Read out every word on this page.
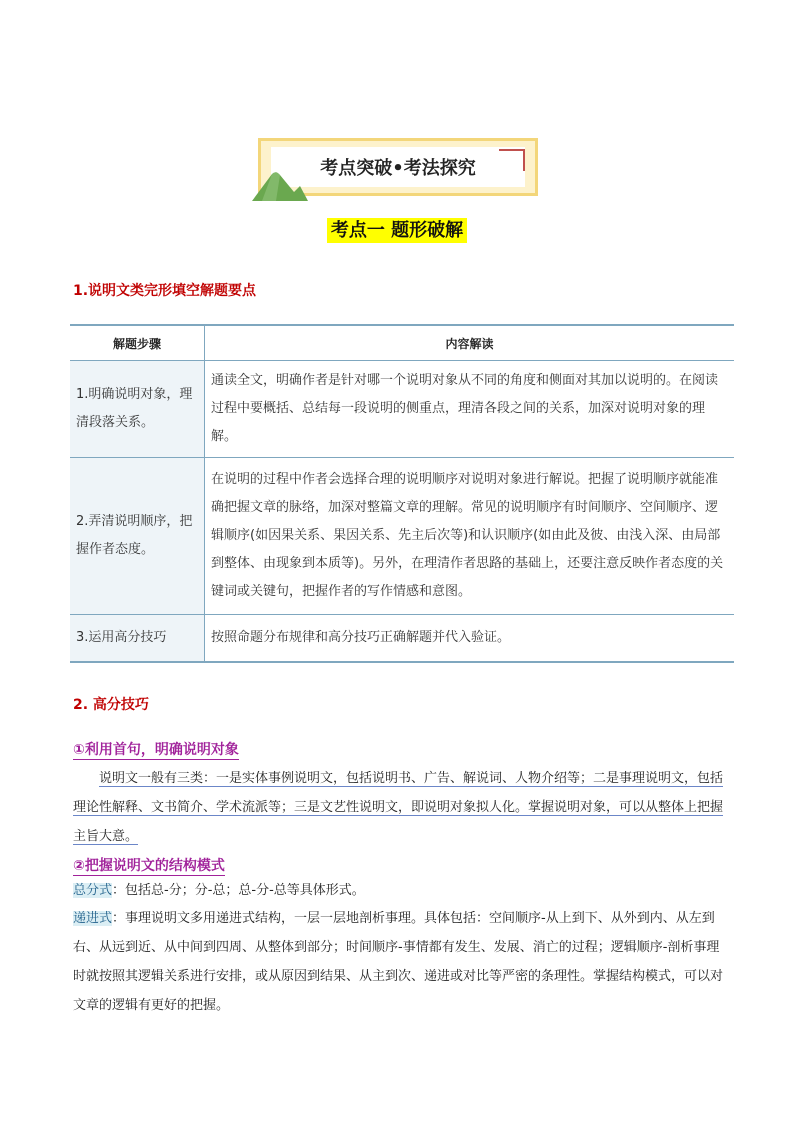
考点突破•考法探究
考点一 题形破解
1.说明文类完形填空解题要点
解题步骤	内容解读
1.明确说明对象，理清段落关系。	通读全文，明确作者是针对哪一个说明对象从不同的角度和侧面对其加以说明的。在阅读过程中要概括、总结每一段说明的侧重点，理清各段之间的关系，加深对说明对象的理解。
2.弄清说明顺序，把握作者态度。	在说明的过程中作者会选择合理的说明顺序对说明对象进行解说。把握了说明顺序就能准确把握文章的脉络，加深对整篇文章的理解。常见的说明顺序有时间顺序、空间顺序、逻辑顺序(如因果关系、果因关系、先主后次等)和认识顺序(如由此及彼、由浅入深、由局部到整体、由现象到本质等)。另外，在理清作者思路的基础上，还要注意反映作者态度的关键词或关键句，把握作者的写作情感和意图。
3.运用高分技巧	按照命题分布规律和高分技巧正确解题并代入验证。
2. 高分技巧
①利用首句，明确说明对象
说明文一般有三类：一是实体事例说明文，包括说明书、广告、解说词、人物介绍等；二是事理说明文，包括理论性解释、文书简介、学术流派等；三是文艺性说明文，即说明对象拟人化。掌握说明对象，可以从整体上把握主旨大意。
②把握说明文的结构模式
总分式：包括总-分；分-总；总-分-总等具体形式。
递进式：事理说明文多用递进式结构，一层一层地剖析事理。具体包括：空间顺序-从上到下、从外到内、从左到右、从远到近、从中间到四周、从整体到部分；时间顺序-事情都有发生、发展、消亡的过程；逻辑顺序-剖析事理时就按照其逻辑关系进行安排，或从原因到结果、从主到次、递进或对比等严密的条理性。掌握结构模式，可以对文章的逻辑有更好的把握。
